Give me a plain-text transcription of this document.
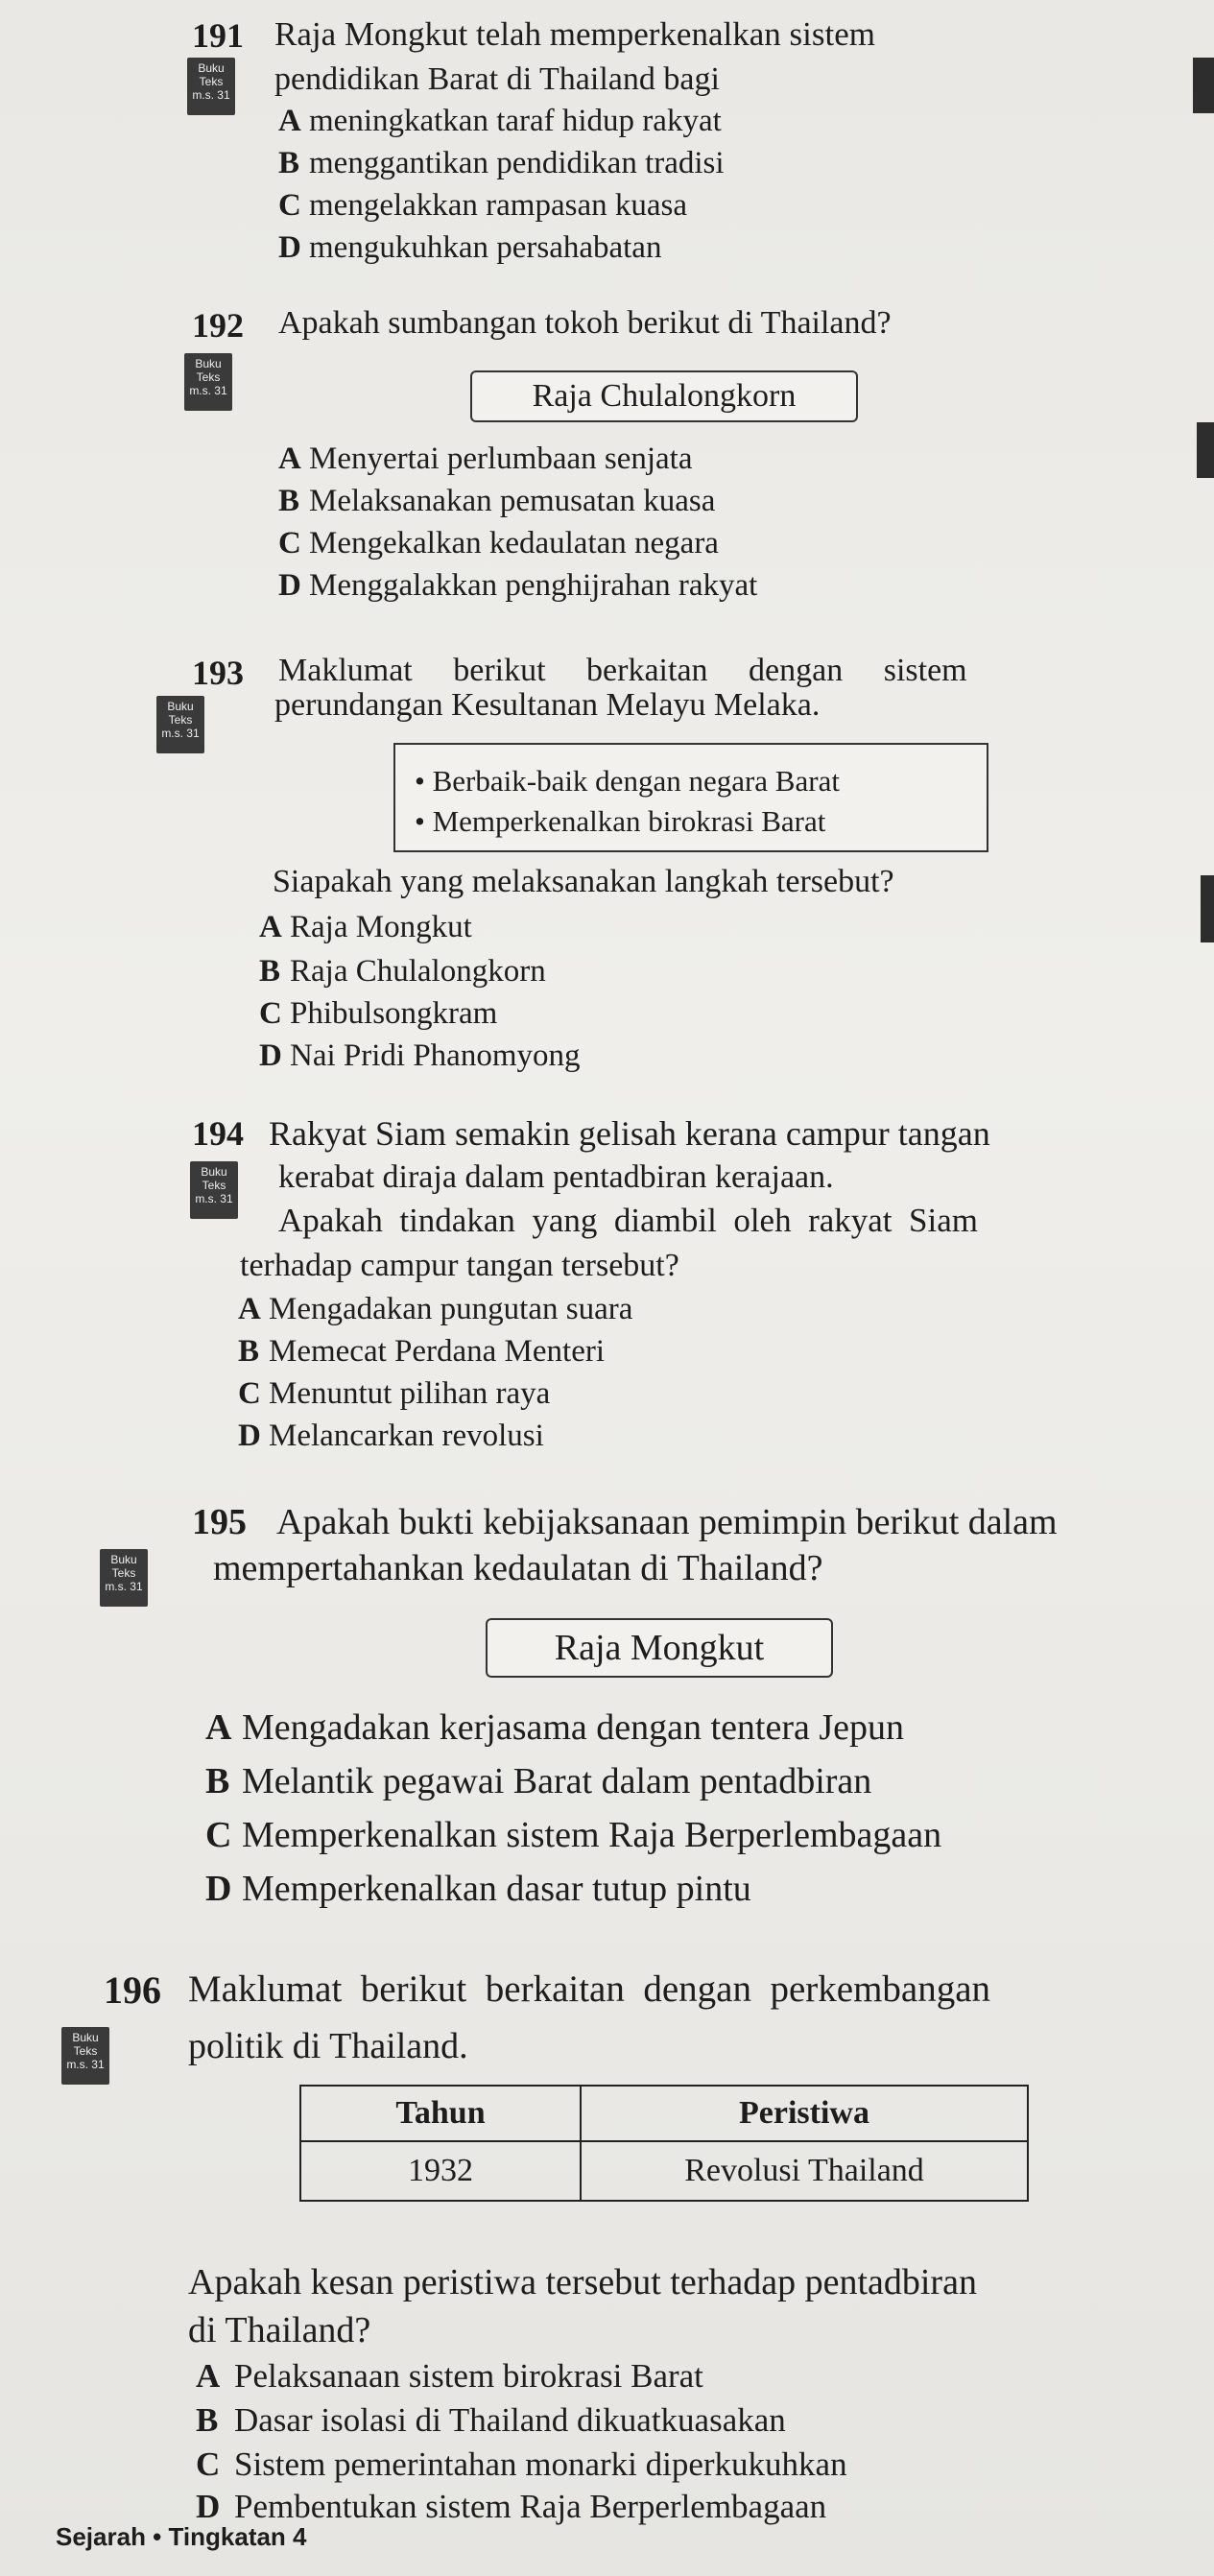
191 Raja Mongkut telah memperkenalkan sistem
Buku
Teks
m.s. 31 pendidikan Barat di Thailand bagi
A meningkatkan taraf hidup rakyat
B menggantikan pendidikan tradisi
C mengelakkan rampasan kuasa
D mengukuhkan persahabatan
192 Apakah sumbangan tokoh berikut di Thailand?
Buku
Teks
m.s. 31	Raja Chulalongkorn
A Menyertai perlumbaan senjata
B Melaksanakan pemusatan kuasa
C Mengekalkan kedaulatan negara
D Menggalakkan penghijrahan rakyat
193 Maklumat     berikut     berkaitan     dengan     sistem
Buku
Teks
m.s. 31
perundangan Kesultanan Melayu Melaka.
• Berbaik-baik dengan negara Barat
• Memperkenalkan birokrasi Barat
Siapakah yang melaksanakan langkah tersebut?
A Raja Mongkut
B Raja Chulalongkorn
C Phibulsongkram
D Nai Pridi Phanomyong
194 Rakyat Siam semakin gelisah kerana campur tangan
Buku
Teks
m.s. 31
kerabat diraja dalam pentadbiran kerajaan.
Apakah  tindakan  yang  diambil  oleh  rakyat  Siam
terhadap campur tangan tersebut?
A Mengadakan pungutan suara
B Memecat Perdana Menteri
C Menuntut pilihan raya
D Melancarkan revolusi
195 Apakah bukti kebijaksanaan pemimpin berikut dalam
Buku
Teks
m.s. 31 mempertahankan kedaulatan di Thailand?
Raja Mongkut
A Mengadakan kerjasama dengan tentera Jepun
B Melantik pegawai Barat dalam pentadbiran
C Memperkenalkan sistem Raja Berperlembagaan
D Memperkenalkan dasar tutup pintu
196 Maklumat  berikut  berkaitan  dengan  perkembangan
Buku
Teks
m.s. 31 politik di Thailand.
Tahun	Peristiwa
1932	Revolusi Thailand
Apakah kesan peristiwa tersebut terhadap pentadbiran
di Thailand?
A Pelaksanaan sistem birokrasi Barat
B Dasar isolasi di Thailand dikuatkuasakan
C Sistem pemerintahan monarki diperkukuhkan
D Pembentukan sistem Raja Berperlembagaan
Sejarah • Tingkatan 4
